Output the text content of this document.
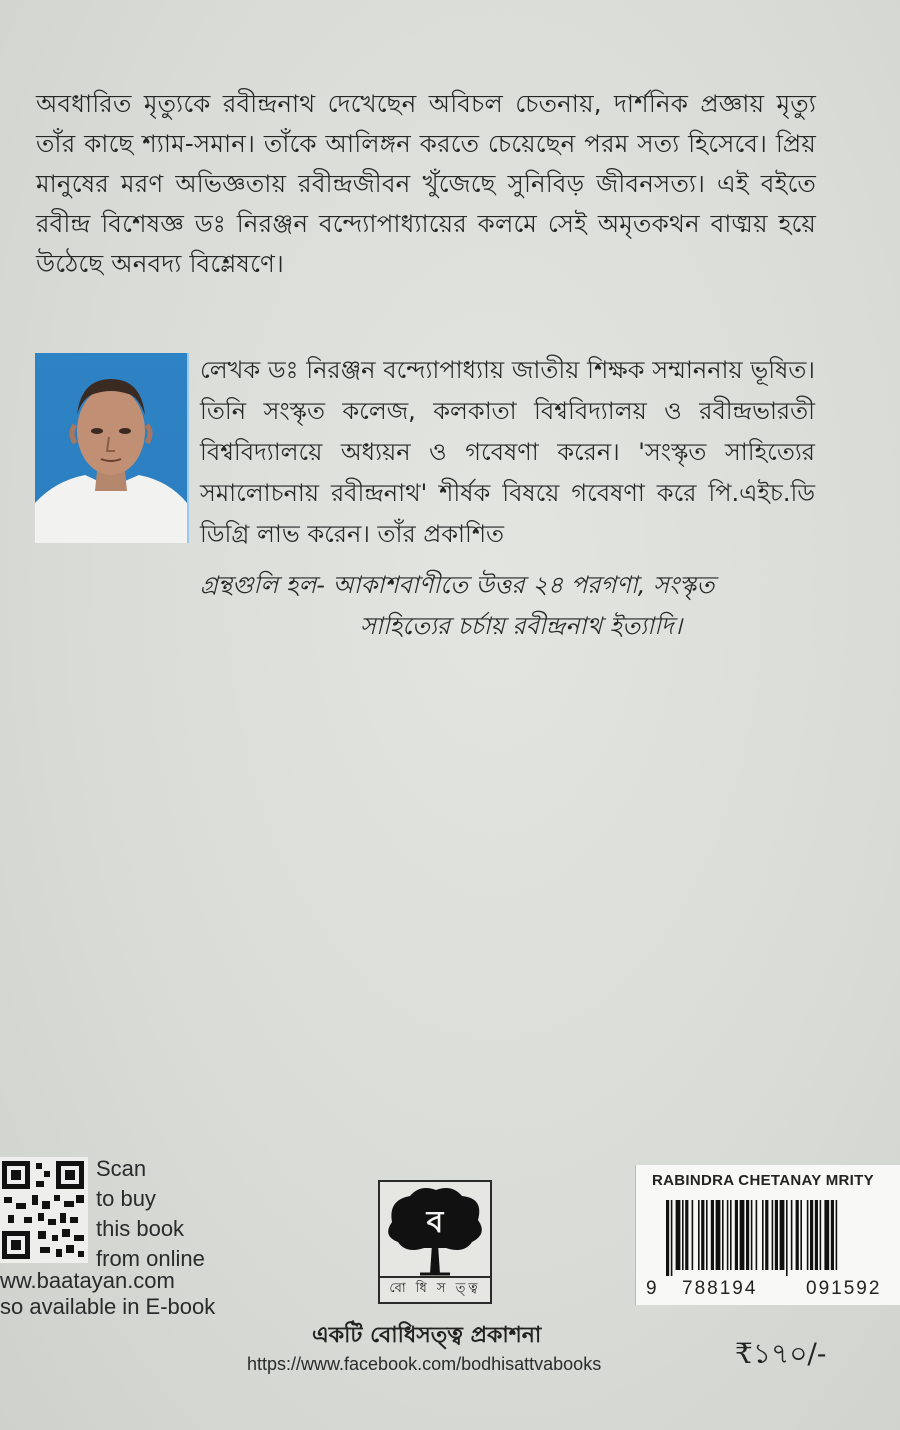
অবধারিত মৃত্যুকে রবীন্দ্রনাথ দেখেছেন অবিচল চেতনায়, দার্শনিক প্রজ্ঞায় মৃত্যু তাঁর কাছে শ্যাম-সমান। তাঁকে আলিঙ্গন করতে চেয়েছেন পরম সত্য হিসেবে। প্রিয় মানুষের মরণ অভিজ্ঞতায় রবীন্দ্রজীবন খুঁজেছে সুনিবিড় জীবনসত্য। এই বইতে রবীন্দ্র বিশেষজ্ঞ ডঃ নিরঞ্জন বন্দ্যোপাধ্যায়ের কলমে সেই অমৃতকথন বাঙ্ময় হয়ে উঠেছে অনবদ্য বিশ্লেষণে।
লেখক ডঃ নিরঞ্জন বন্দ্যোপাধ্যায় জাতীয় শিক্ষক সম্মাননায় ভূষিত। তিনি সংস্কৃত কলেজ, কলকাতা বিশ্ববিদ্যালয় ও রবীন্দ্রভারতী বিশ্ববিদ্যালয়ে অধ্যয়ন ও গবেষণা করেন। 'সংস্কৃত সাহিত্যের সমালোচনায় রবীন্দ্রনাথ' শীর্ষক বিষয়ে গবেষণা করে পি.এইচ.ডি ডিগ্রি লাভ করেন। তাঁর প্রকাশিত
গ্রন্থগুলি হল- আকাশবাণীতে উত্তর ২৪ পরগণা, সংস্কৃত
সাহিত্যের চর্চায় রবীন্দ্রনাথ ইত্যাদি।
Scan
to buy
this book
from online
ww.baatayan.com
so available in E-book
ব
বো ধি স ত্ত্ব
একটি বোধিসত্ত্ব প্রকাশনা
https://www.facebook.com/bodhisattvabooks	₹১৭০/-
RABINDRA CHETANAY MRITY
9 788194	091592
